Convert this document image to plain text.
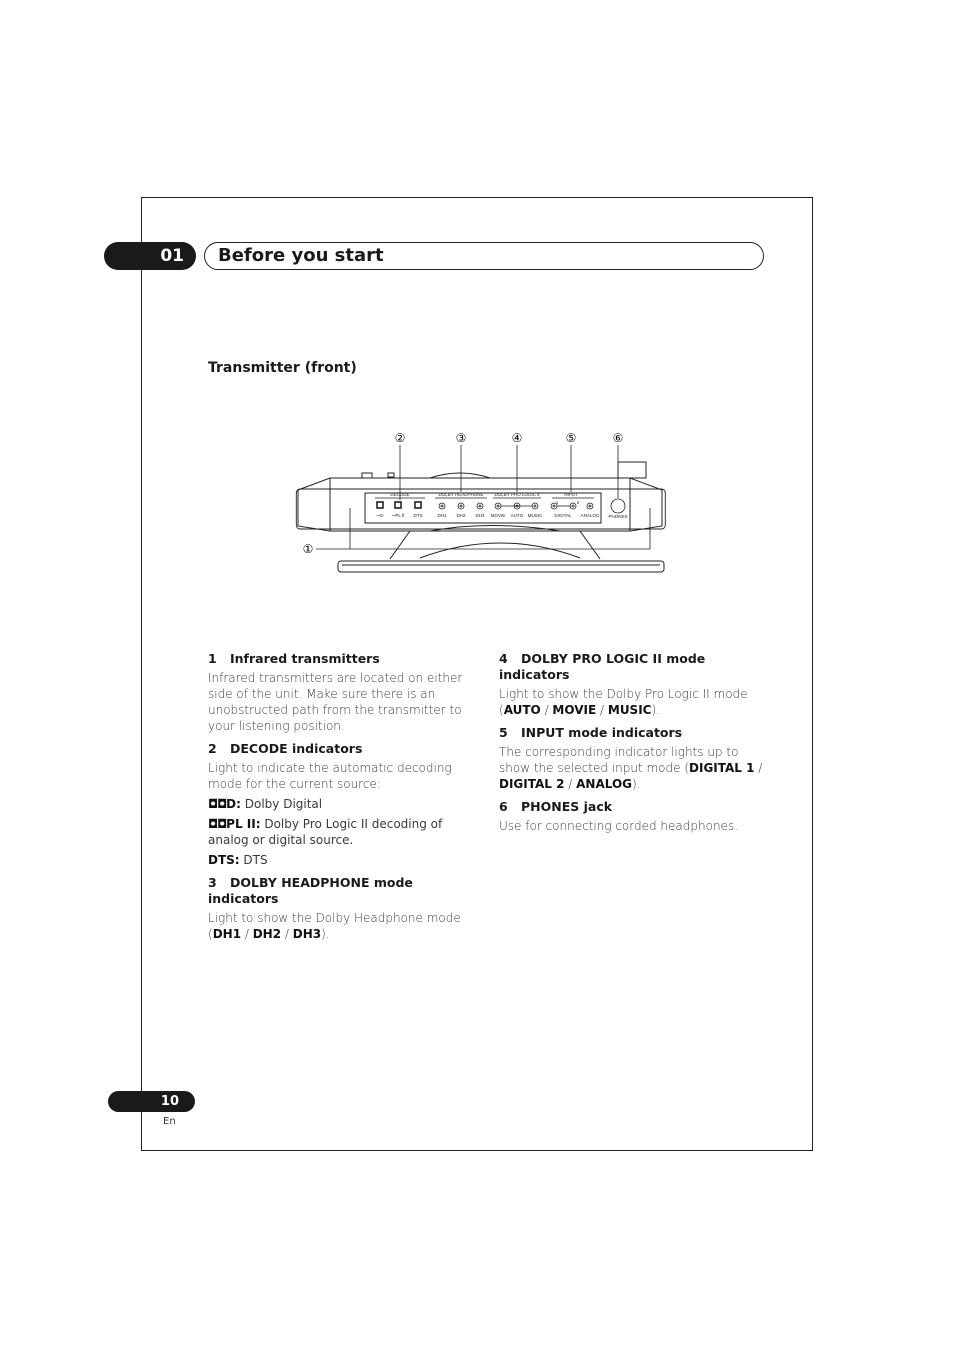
01	Before you start
Transmitter (front)
②	③	④	⑤	⑥
①
DECODE	DOLBY HEADPHONE DOLBY PRO LOGIC Ⅱ	INPUT
ꟷD ꟷPL Ⅱ DTS	DH1 DH2 DH3 MOVIE AUTO MUSIC	DIGITAL ANALOG PHONES
1	2
1 Infrared transmitters
Infrared transmitters are located on either side of the unit. Make sure there is an unobstructed path from the transmitter to your listening position.
2 DECODE indicators
Light to indicate the automatic decoding mode for the current source:
◘◘D: Dolby Digital
◘◘PL II: Dolby Pro Logic II decoding of analog or digital source.
DTS: DTS
3 DOLBY HEADPHONE mode indicators
Light to show the Dolby Headphone mode (DH1 / DH2 / DH3).
4 DOLBY PRO LOGIC II mode indicators
Light to show the Dolby Pro Logic II mode (AUTO / MOVIE / MUSIC).
5 INPUT mode indicators
The corresponding indicator lights up to show the selected input mode (DIGITAL 1 / DIGITAL 2 / ANALOG).
6 PHONES jack
Use for connecting corded headphones.
10
En
